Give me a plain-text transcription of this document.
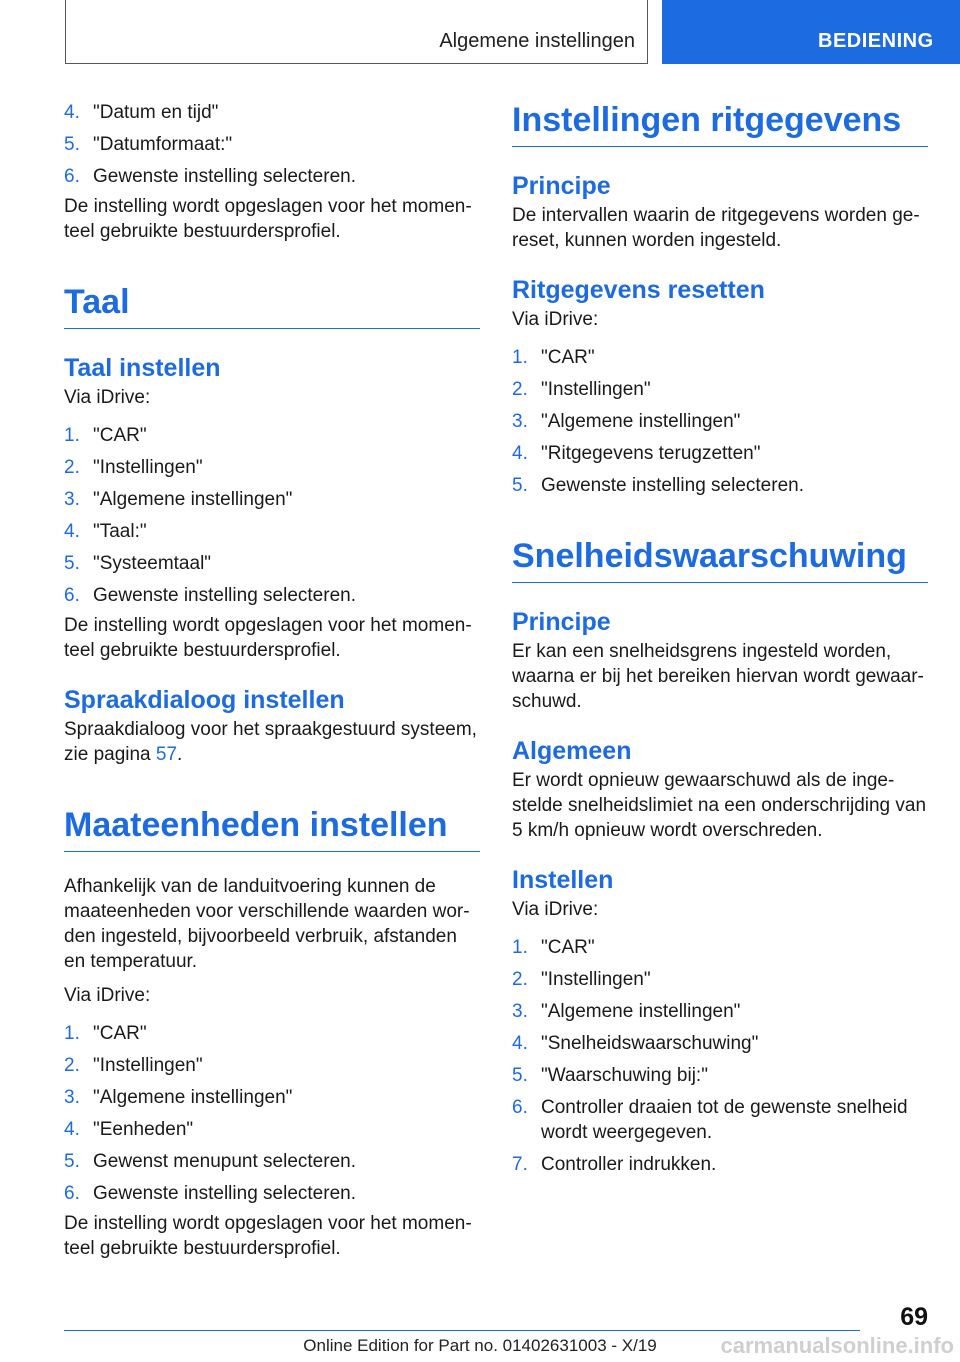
Algemene instellingen	BEDIENING
4. "Datum en tijd"
5. "Datumformaat:"
6. Gewenste instelling selecteren.

De instelling wordt opgeslagen voor het momen-teel gebruikte bestuurdersprofiel.

Taal
Taal instellen

Via iDrive:

1. "CAR"
2. "Instellingen"
3. "Algemene instellingen"
4. "Taal:"
5. "Systeemtaal"
6. Gewenste instelling selecteren.

De instelling wordt opgeslagen voor het momen-teel gebruikte bestuurdersprofiel.

Spraakdialoog instellen

Spraakdialoog voor het spraakgestuurd systeem, zie pagina 57.

Maateenheden instellen

Afhankelijk van de landuitvoering kunnen de maateenheden voor verschillende waarden wor-den ingesteld, bijvoorbeeld verbruik, afstanden en temperatuur.

Via iDrive:

1. "CAR"
2. "Instellingen"
3. "Algemene instellingen"
4. "Eenheden"
5. Gewenst menupunt selecteren.
6. Gewenste instelling selecteren.

De instelling wordt opgeslagen voor het momen-teel gebruikte bestuurdersprofiel.

Instellingen ritgegevens
Principe

De intervallen waarin de ritgegevens worden ge-reset, kunnen worden ingesteld.

Ritgegevens resetten

Via iDrive:

1. "CAR"
2. "Instellingen"
3. "Algemene instellingen"
4. "Ritgegevens terugzetten"
5. Gewenste instelling selecteren.
Snelheidswaarschuwing
Principe

Er kan een snelheidsgrens ingesteld worden, waarna er bij het bereiken hiervan wordt gewaar-schuwd.

Algemeen

Er wordt opnieuw gewaarschuwd als de inge-stelde snelheidslimiet na een onderschrijding van 5 km/h opnieuw wordt overschreden.

Instellen

Via iDrive:

1. "CAR"
2. "Instellingen"
3. "Algemene instellingen"
4. "Snelheidswaarschuwing"
5. "Waarschuwing bij:"
6. Controller draaien tot de gewenste snelheid wordt weergegeven.
7. Controller indrukken.
69
Online Edition for Part no. 01402631003 - X/19	carmanualsonline.info
